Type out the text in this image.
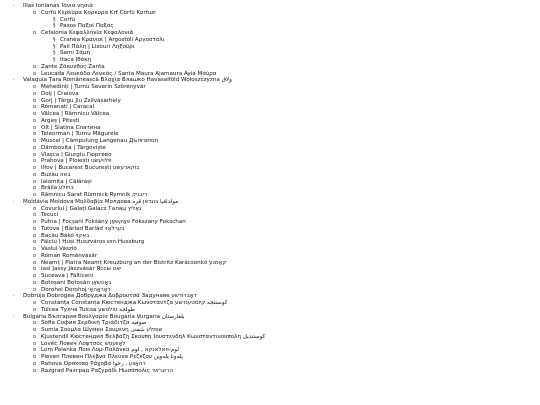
· Illas Ionianas Ἰόνια νησιά
o Corfú Κέρκυρα Κόρκυρα Krf Corfú Korfuzi
§ Corfú
§ Paxos Παξοί Παξός
o Cefalonia Κεφαλληνία Κεφαλονιά
§ Cranéa Κρανιοί | Argostóli Αργοστόλι
§ Palí Πάλη | Lixouri Ληξούρι
§ Sami Σάμη
§ Itaca Ιθάκη
o Zante Ζάκυνθος Zanta
o Leucada Λευκάδα Λευκάς / Santa Maura Ajamaura Ayia Μαύρα
· Valaquia Țara Românească Βλαχία Влашко Havasalföld Wołoszczyzna ولاق
o Mehedinți | Turnu Severin Szörényvár
o Dolj | Craiova
o Gorj | Târgu Jiu Zsilvásárhely
o Romanați | Caracal
o Vâlcea | Râmnicu Vâlcea
o Argeș | Pitești
o Olt | Slatina Слатина
o Teleorman | Turnu Măgurele
o Muscel | Câmpulung Langenau Дългопол
o Dâmbovița | Târgoviște
o Vlașca | Giurgiu Гюргево
o Prahova | Ploiești פלויעשט
o Ilfov | Bucarést București בוקארעשט
o Buzău באזו
o Ialomița | Călărași
o Brăila ברײַלע
o Râmnicu Sarat Rümnick Rymnik ריבניק
· Moldávia Moldova Μολδαβία Молдова مولدافيا בוגדאן قره
o Covurlui | Galați Galacz Галац גאַליץ
o Tecuci
o Putna | Focșani Fokšány פאָקשאַן Fokszany Fokschan
o Tutova | Bârlad Barlád בערלאַד
o Bacău Bákó באקוי
o Fălciu | Huși Huszváros חוש Hussburg
o Vaslui Vászló
o Roman Románvásár
o Neamț | Piatra Neamț Kreuzburg an der Bistritz Karácsonkő קאַמנע
o Iasi Jassy Jászvásár Яссы יאס
o Suceava | Fălticeni
o Botoșani Botosán באָטשאַן
o Dorohoi Dorohoj דאָראָהאָי
· Dobrūja Dobrogea Добруджа Δοβρουτσά Задунаве דאָברודשע
o Constanța Constanța Кюстенджа Κωνστάντζα كوستنجه קיוסטענדשע
o Tulcea Тулча Tulcsa طولجه טולטשע
· Bulgaria България Βουλγαρία Bougaria Vurgaria بلغارستان
o Sófia София Σερδική Τριάδιτζα صوفيه
o Sumla Σούμλα Шумен Σουμένη שומלע شمنی
o Kjustendil Кюстендил Βελβάζη Σκουπὴ Ἰουστενδήλ Κωνσταντινούπολη كوستنديل
o Lovéč Ловеч Λοφτσός לאָװעטש
o Lom Palanka Лом Λομ-Παλάνκα لوم-פאלאנקא , لوم
o Pleven Плевен Πλέβνα Πλεύνα Ρέζεζου پلەونا پلەوين
o Rahova Оряхово Ράχοβα רהאָװע , رحوا
o Razgrad Разград Ραζγράδι Ηωσάπολις הרזגראד
